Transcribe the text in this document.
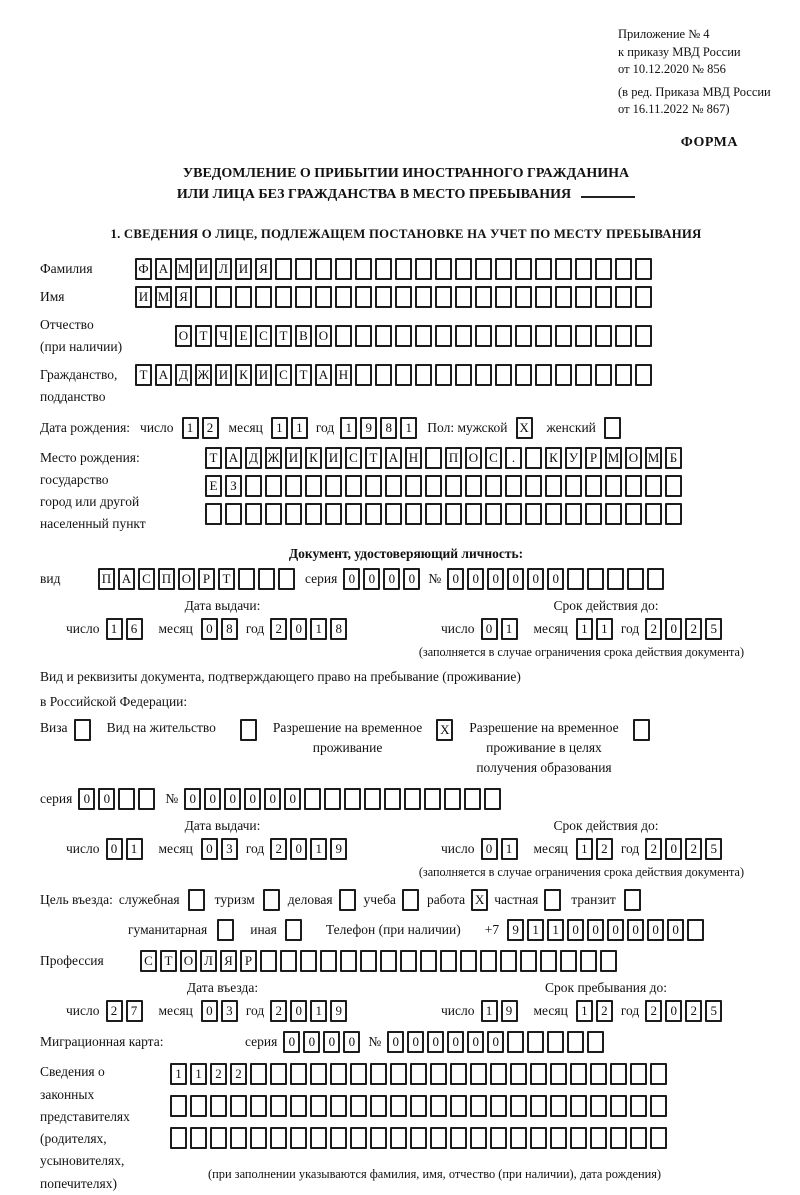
Приложение № 4
к приказу МВД России
от 10.12.2020 № 856
(в ред. Приказа МВД России
от 16.11.2022 № 867)
ФОРМА
УВЕДОМЛЕНИЕ О ПРИБЫТИИ ИНОСТРАННОГО ГРАЖДАНИНА
ИЛИ ЛИЦА БЕЗ ГРАЖДАНСТВА В МЕСТО ПРЕБЫВАНИЯ
1. СВЕДЕНИЯ О ЛИЦЕ, ПОДЛЕЖАЩЕМ ПОСТАНОВКЕ НА УЧЕТ ПО МЕСТУ ПРЕБЫВАНИЯ
Фамилия	Ф А М И Л И Я
Имя	И М Я
Отчество
(при наличии)
О Т Ч Е С Т В О
Гражданство,
подданство
Т А Д Ж И К И С Т А Н
Дата рождения: число	1	2	месяц	1	1 год 1	9	8	1	Пол: мужской X женский
Место рождения:
государство
город или другой
населенный пункт
Т А Д Ж И К И С Т А Н П О С	.	К У Р М О М Б
Е З
Документ, удостоверяющий личность:
вид	П А С П О Р Т	серия 0	0	0	0 № 0	0	0	0	0	0
Дата выдачи:	Срок действия до:
число 1	6	месяц	0	8 год 2	0	1	8	число 0	1	месяц	1	1 год 2	0	2	5
(заполняется в случае ограничения срока действия документа)
Вид и реквизиты документа, подтверждающего право на пребывание (проживание)
в Российской Федерации:
Виза	Вид на жительство	Разрешение на временное
проживание
X Разрешение на временное
проживание в целях
получения образования
серия 0	0	№ 0	0	0	0	0	0
Дата выдачи:	Срок действия до:
число 0	1	месяц	0	3 год 2	0	1	9	число 0	1	месяц	1	2 год 2	0	2	5
(заполняется в случае ограничения срока действия документа)
Цель въезда: служебная	туризм деловая учеба работа X частная транзит
гуманитарная	иная	Телефон (при наличии) +7	9	1	1	0	0	0	0	0	0
Профессия	С Т О Л Я Р
Дата въезда:	Срок пребывания до:
число 2	7	месяц	0	3 год 2	0	1	9	число 1	9	месяц	1	2 год 2	0	2	5
Миграционная карта:	серия 0	0	0	0 № 0	0	0	0	0	0
Сведения о
законных
представителях
(родителях,
усыновителях,
попечителях)
1	1	2	2
(при заполнении указываются фамилия, имя, отчество (при наличии), дата рождения)
